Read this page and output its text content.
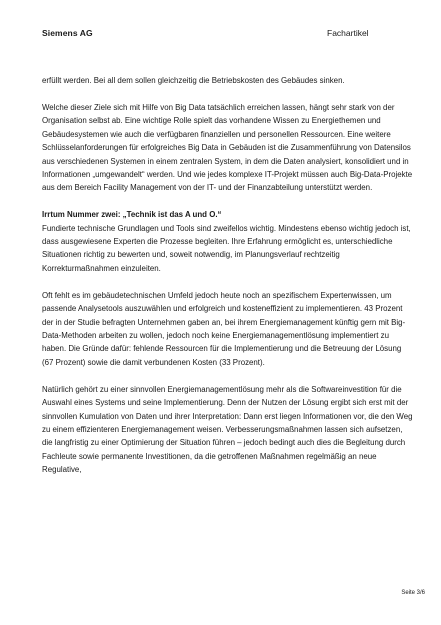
Siemens AG	Fachartikel

erfüllt werden. Bei all dem sollen gleichzeitig die Betriebskosten des Gebäudes sinken.

Welche dieser Ziele sich mit Hilfe von Big Data tatsächlich erreichen lassen, hängt sehr stark von der Organisation selbst ab. Eine wichtige Rolle spielt das vorhandene Wissen zu Energiethemen und Gebäudesystemen wie auch die verfügbaren finanziellen und personellen Ressourcen. Eine weitere Schlüsselanforderungen für erfolgreiches Big Data in Gebäuden ist die Zusammenführung von Datensilos aus verschiedenen Systemen in einem zentralen System, in dem die Daten analysiert, konsolidiert und in Informationen „umgewandelt“ werden. Und wie jedes komplexe IT-Projekt müssen auch Big-Data-Projekte aus dem Bereich Facility Management von der IT- und der Finanzabteilung unterstützt werden.

Irrtum Nummer zwei: „Technik ist das A und O.“

Fundierte technische Grundlagen und Tools sind zweifellos wichtig. Mindestens ebenso wichtig jedoch ist, dass ausgewiesene Experten die Prozesse begleiten. Ihre Erfahrung ermöglicht es, unterschiedliche Situationen richtig zu bewerten und, soweit notwendig, im Planungsverlauf rechtzeitig Korrekturmaßnahmen einzuleiten.

Oft fehlt es im gebäudetechnischen Umfeld jedoch heute noch an spezifischem Expertenwissen, um passende Analysetools auszuwählen und erfolgreich und kosteneffizient zu implementieren. 43 Prozent der in der Studie befragten Unternehmen gaben an, bei ihrem Energiemanagement künftig gern mit Big-Data-Methoden arbeiten zu wollen, jedoch noch keine Energiemanagementlösung implementiert zu haben. Die Gründe dafür: fehlende Ressourcen für die Implementierung und die Betreuung der Lösung (67 Prozent) sowie die damit verbundenen Kosten (33 Prozent).

Natürlich gehört zu einer sinnvollen Energiemanagementlösung mehr als die Softwareinvestition für die Auswahl eines Systems und seine Implementierung. Denn der Nutzen der Lösung ergibt sich erst mit der sinnvollen Kumulation von Daten und ihrer Interpretation: Dann erst liegen Informationen vor, die den Weg zu einem effizienteren Energiemanagement weisen. Verbesserungsmaßnahmen lassen sich aufsetzen, die langfristig zu einer Optimierung der Situation führen – jedoch bedingt auch dies die Begleitung durch Fachleute sowie permanente Investitionen, da die getroffenen Maßnahmen regelmäßig an neue Regulative,

Seite 3/6
